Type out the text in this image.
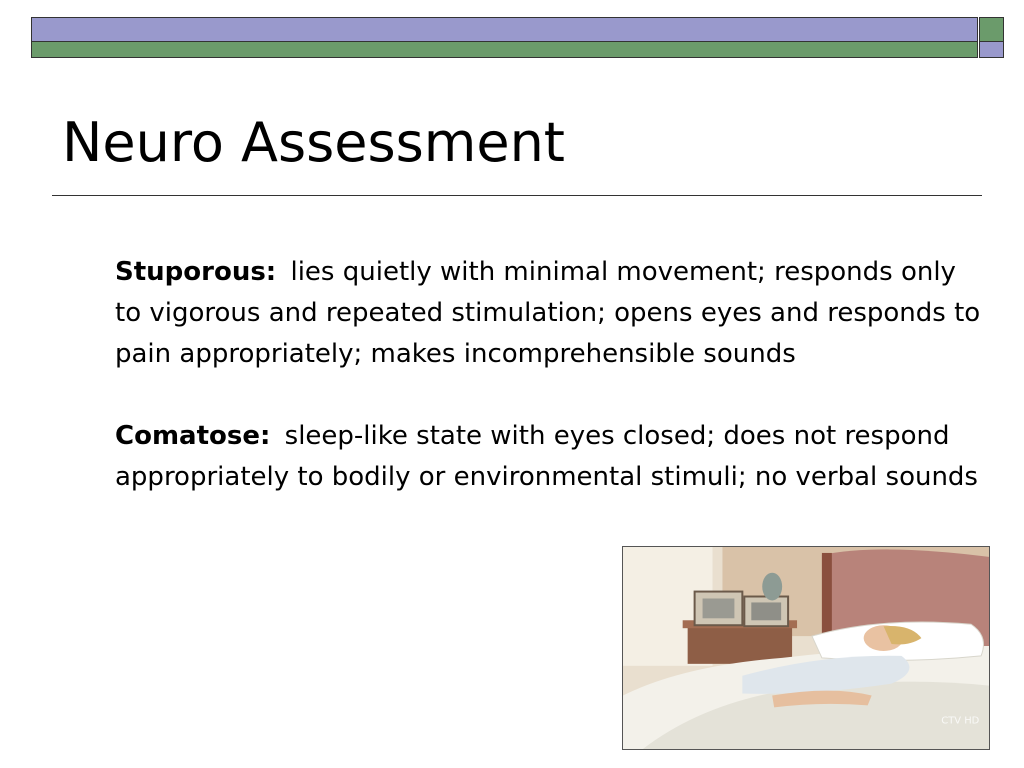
Neuro Assessment

Stuporous: lies quietly with minimal movement; responds only to vigorous and repeated stimulation; opens eyes and responds to pain appropriately; makes incomprehensible sounds

Comatose: sleep-like state with eyes closed; does not respond appropriately to bodily or environmental stimuli; no verbal sounds

CTV HD
